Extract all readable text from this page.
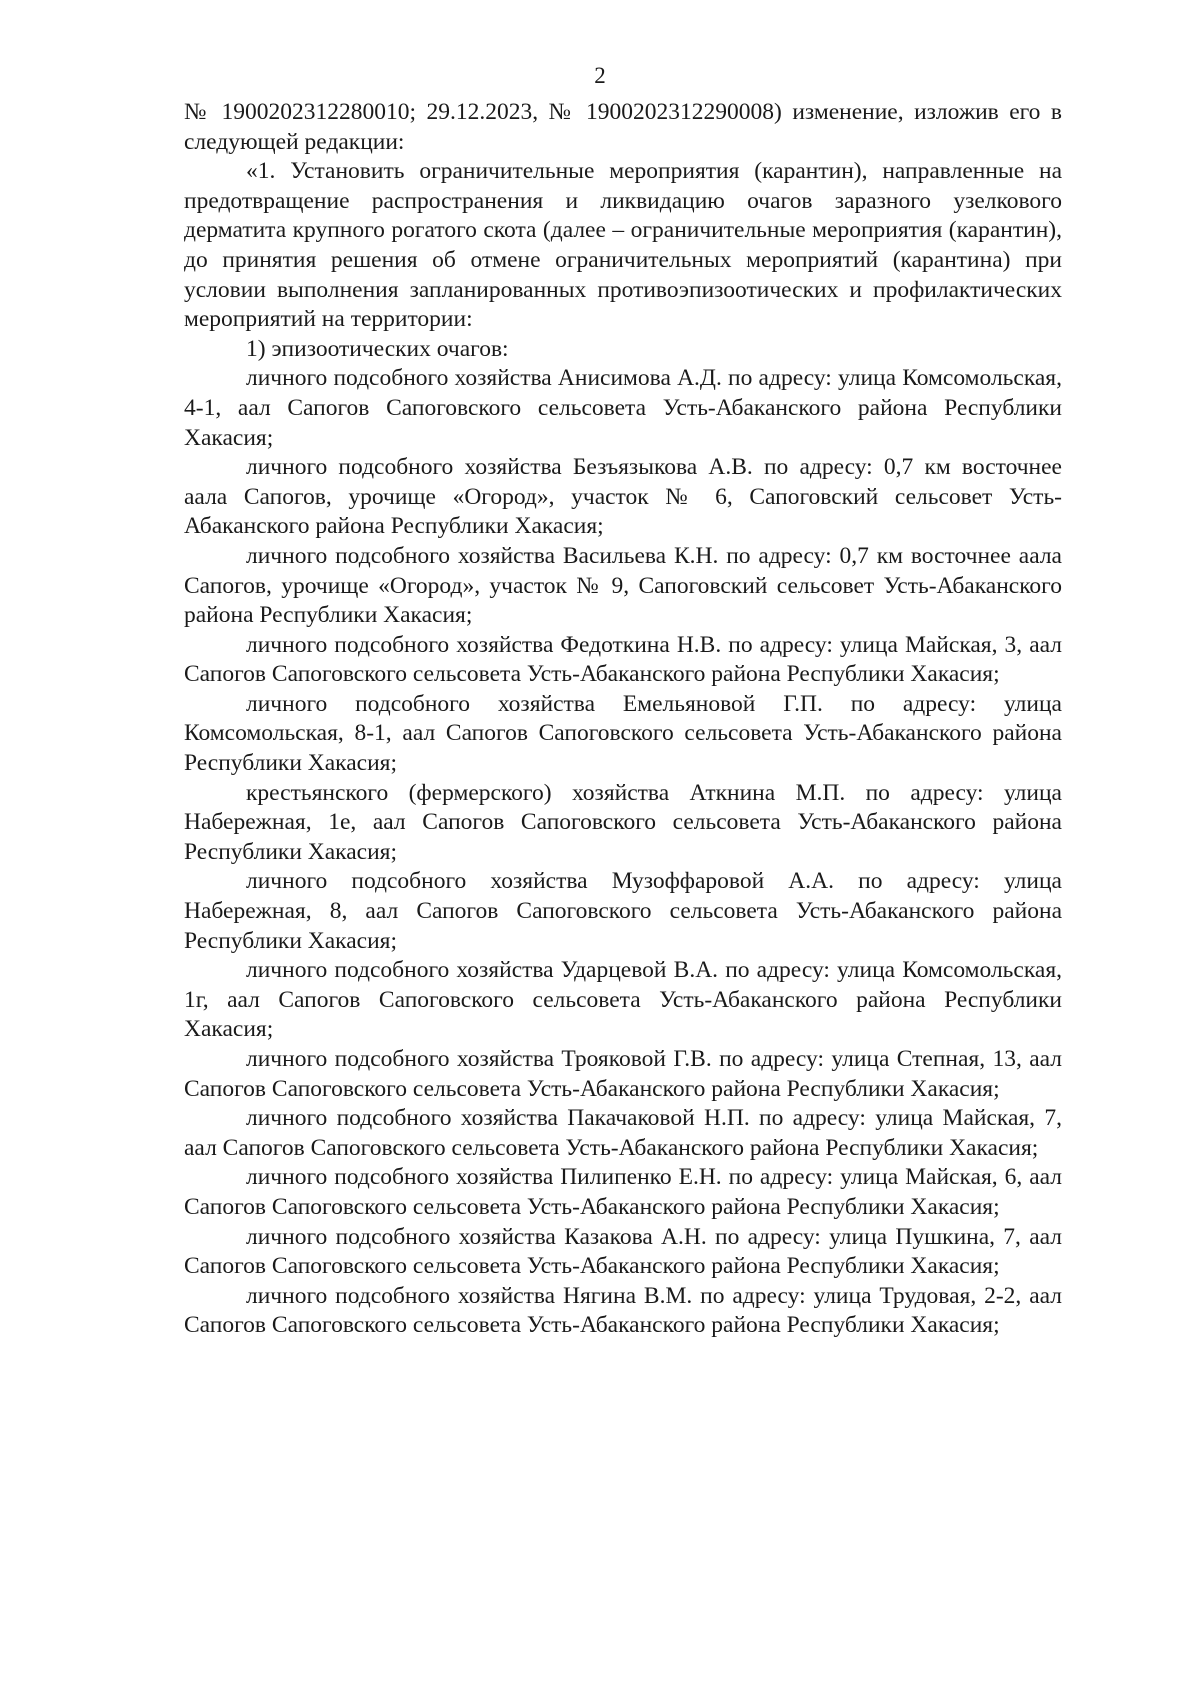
2

№ 1900202312280010; 29.12.2023, № 1900202312290008) изменение, изложив его в следующей редакции:

«1. Установить ограничительные мероприятия (карантин), направленные на предотвращение распространения и ликвидацию очагов заразного узелкового дерматита крупного рогатого скота (далее – ограничительные мероприятия (карантин), до принятия решения об отмене ограничительных мероприятий (карантина) при условии выполнения запланированных противоэпизоотических и профилактических мероприятий на территории:

1) эпизоотических очагов:

личного подсобного хозяйства Анисимова А.Д. по адресу: улица Комсомольская, 4-1, аал Сапогов Сапоговского сельсовета Усть-Абаканского района Республики Хакасия;

личного подсобного хозяйства Безъязыкова А.В. по адресу: 0,7 км восточнее аала Сапогов, урочище «Огород», участок № 6, Сапоговский сельсовет Усть-Абаканского района Республики Хакасия;

личного подсобного хозяйства Васильева К.Н. по адресу: 0,7 км восточнее аала Сапогов, урочище «Огород», участок № 9, Сапоговский сельсовет Усть-Абаканского района Республики Хакасия;

личного подсобного хозяйства Федоткина Н.В. по адресу: улица Майская, 3, аал Сапогов Сапоговского сельсовета Усть-Абаканского района Республики Хакасия;

личного подсобного хозяйства Емельяновой Г.П. по адресу: улица Комсомольская, 8-1, аал Сапогов Сапоговского сельсовета Усть-Абаканского района Республики Хакасия;

крестьянского (фермерского) хозяйства Аткнина М.П. по адресу: улица Набережная, 1е, аал Сапогов Сапоговского сельсовета Усть-Абаканского района Республики Хакасия;

личного подсобного хозяйства Музоффаровой А.А. по адресу: улица Набережная, 8, аал Сапогов Сапоговского сельсовета Усть-Абаканского района Республики Хакасия;

личного подсобного хозяйства Ударцевой В.А. по адресу: улица Комсомольская, 1г, аал Сапогов Сапоговского сельсовета Усть-Абаканского района Республики Хакасия;

личного подсобного хозяйства Трояковой Г.В. по адресу: улица Степная, 13, аал Сапогов Сапоговского сельсовета Усть-Абаканского района Республики Хакасия;

личного подсобного хозяйства Пакачаковой Н.П. по адресу: улица Майская, 7, аал Сапогов Сапоговского сельсовета Усть-Абаканского района Республики Хакасия;

личного подсобного хозяйства Пилипенко Е.Н. по адресу: улица Майская, 6, аал Сапогов Сапоговского сельсовета Усть-Абаканского района Республики Хакасия;

личного подсобного хозяйства Казакова А.Н. по адресу: улица Пушкина, 7, аал Сапогов Сапоговского сельсовета Усть-Абаканского района Республики Хакасия;

личного подсобного хозяйства Нягина В.М. по адресу: улица Трудовая, 2-2, аал Сапогов Сапоговского сельсовета Усть-Абаканского района Республики Хакасия;
